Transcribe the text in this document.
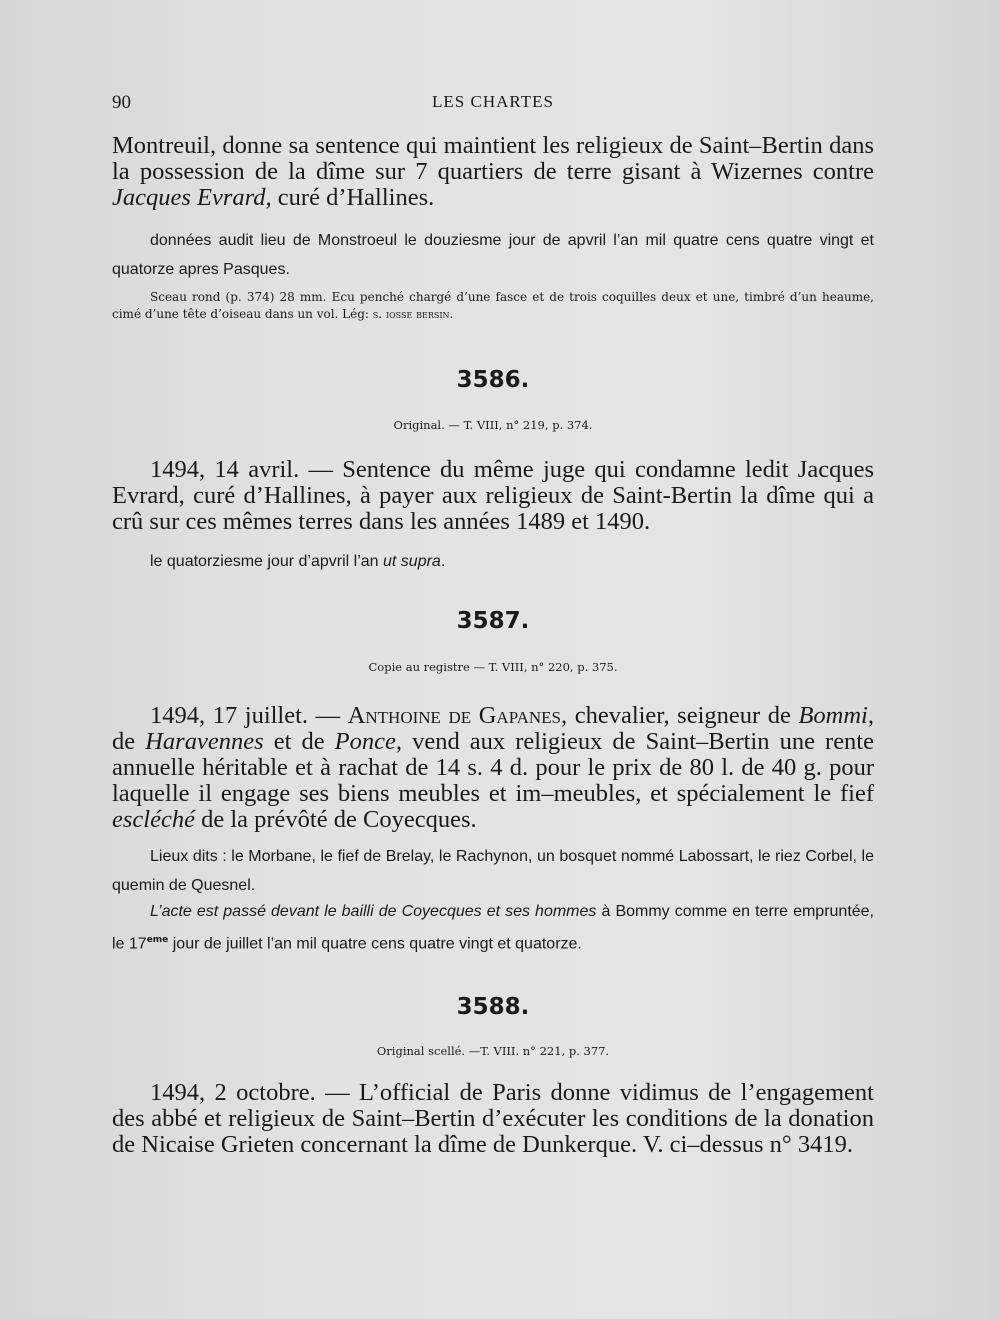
90	LES CHARTES

Montreuil, donne sa sentence qui maintient les religieux de Saint–Bertin dans la possession de la dîme sur 7 quartiers de terre gisant à Wizernes contre Jacques Evrard, curé d’Hallines.

données audit lieu de Monstroeul le douziesme jour de apvril l’an mil quatre cens quatre vingt et quatorze apres Pasques.

Sceau rond (p. 374) 28 mm. Ecu penché chargé d’une fasce et de trois coquilles deux et une, timbré d’un heaume, cimé d’une tête d’oiseau dans un vol. Lég: s. iosse bersin.

3586.
Original. — T. VIII, n° 219, p. 374.

1494, 14 avril. — Sentence du même juge qui condamne ledit Jacques Evrard, curé d’Hallines, à payer aux religieux de Saint-Bertin la dîme qui a crû sur ces mêmes terres dans les années 1489 et 1490.

le quatorziesme jour d’apvril l’an ut supra.

3587.
Copie au registre — T. VIII, n° 220, p. 375.

1494, 17 juillet. — Anthoine de Gapanes, chevalier, seigneur de Bommi, de Haravennes et de Ponce, vend aux religieux de Saint–Bertin une rente annuelle héritable et à rachat de 14 s. 4 d. pour le prix de 80 l. de 40 g. pour laquelle il engage ses biens meubles et im–meubles, et spécialement le fief escléché de la prévôté de Coyecques.

Lieux dits : le Morbane, le fief de Brelay, le Rachynon, un bosquet nommé Labossart, le riez Corbel, le quemin de Quesnel.

L’acte est passé devant le bailli de Coyecques et ses hommes à Bommy comme en terre empruntée, le 17eme jour de juillet l’an mil quatre cens quatre vingt et quatorze.

3588.
Original scellé. —T. VIII. n° 221, p. 377.

1494, 2 octobre. — L’official de Paris donne vidimus de l’engagement des abbé et religieux de Saint–Bertin d’exécuter les conditions de la donation de Nicaise Grieten concernant la dîme de Dunkerque. V. ci–dessus n° 3419.
